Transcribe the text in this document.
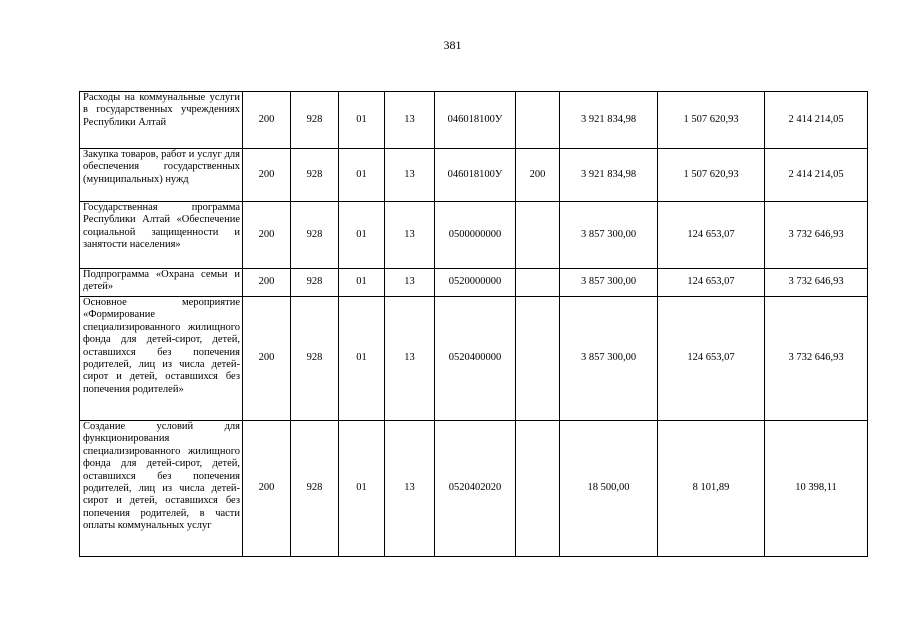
381
Расходы на коммунальные услуги в государственных учреждениях Республики Алтай	200	928	01	13	046018100У		3 921 834,98	1 507 620,93	2 414 214,05
Закупка товаров, работ и услуг для обеспечения государственных (муниципальных) нужд	200	928	01	13	046018100У	200	3 921 834,98	1 507 620,93	2 414 214,05
Государственная программа Республики Алтай «Обеспечение социальной защищенности и занятости населения»	200	928	01	13	0500000000		3 857 300,00	124 653,07	3 732 646,93
Подпрограмма «Охрана семьи и детей»	200	928	01	13	0520000000		3 857 300,00	124 653,07	3 732 646,93
Основное мероприятие «Формирование специализированного жилищного фонда для детей-сирот, детей, оставшихся без попечения родителей, лиц из числа детей-сирот и детей, оставшихся без попечения родителей»	200	928	01	13	0520400000		3 857 300,00	124 653,07	3 732 646,93
Создание условий для функционирования специализированного жилищного фонда для детей-сирот, детей, оставшихся без попечения родителей, лиц из числа детей-сирот и детей, оставшихся без попечения родителей, в части оплаты коммунальных услуг	200	928	01	13	0520402020		18 500,00	8 101,89	10 398,11
